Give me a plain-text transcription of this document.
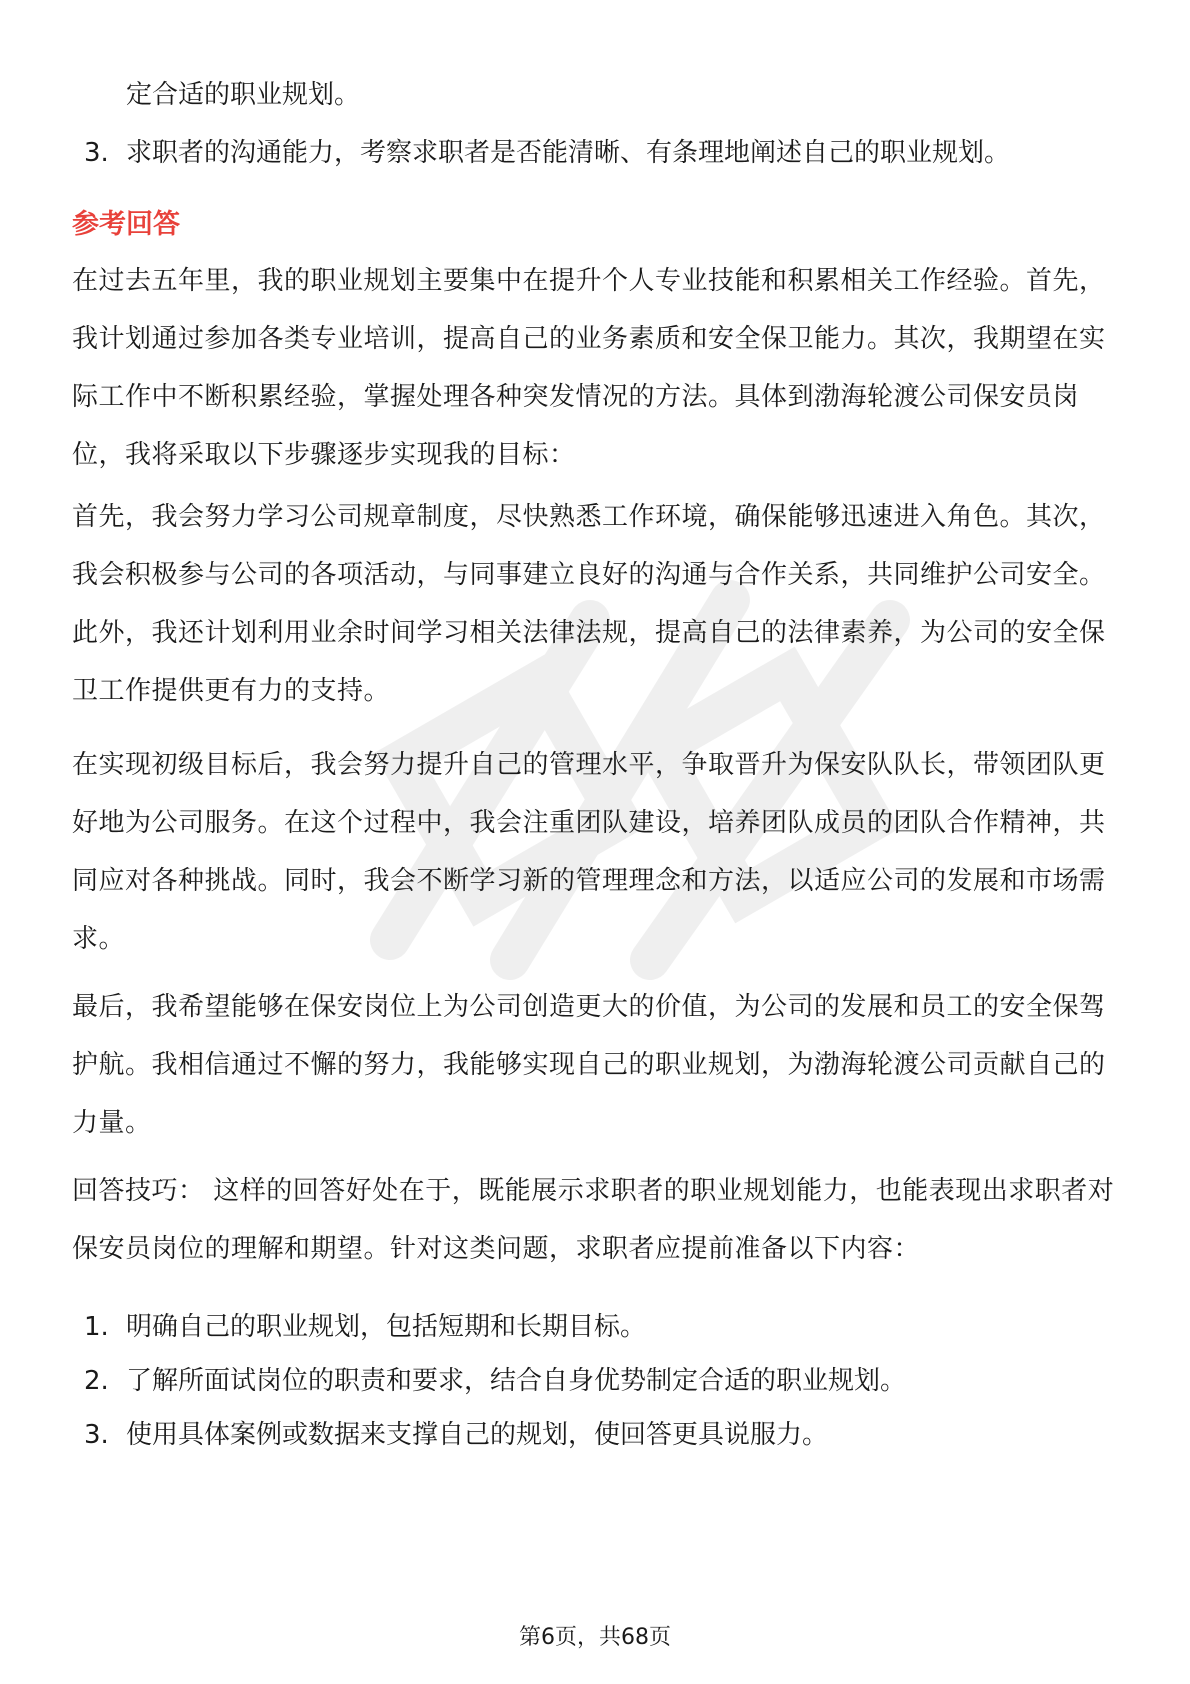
定合适的职业规划。
3. 求职者的沟通能力，考察求职者是否能清晰、有条理地阐述自己的职业规划。
参考回答
在过去五年里，我的职业规划主要集中在提升个人专业技能和积累相关工作经验。首先，我计划通过参加各类专业培训，提高自己的业务素质和安全保卫能力。其次，我期望在实际工作中不断积累经验，掌握处理各种突发情况的方法。具体到渤海轮渡公司保安员岗位，我将采取以下步骤逐步实现我的目标：
首先，我会努力学习公司规章制度，尽快熟悉工作环境，确保能够迅速进入角色。其次，我会积极参与公司的各项活动，与同事建立良好的沟通与合作关系，共同维护公司安全。此外，我还计划利用业余时间学习相关法律法规，提高自己的法律素养，为公司的安全保卫工作提供更有力的支持。
在实现初级目标后，我会努力提升自己的管理水平，争取晋升为保安队队长，带领团队更好地为公司服务。在这个过程中，我会注重团队建设，培养团队成员的团队合作精神，共同应对各种挑战。同时，我会不断学习新的管理理念和方法，以适应公司的发展和市场需求。
最后，我希望能够在保安岗位上为公司创造更大的价值，为公司的发展和员工的安全保驾护航。我相信通过不懈的努力，我能够实现自己的职业规划，为渤海轮渡公司贡献自己的力量。
回答技巧： 这样的回答好处在于，既能展示求职者的职业规划能力，也能表现出求职者对保安员岗位的理解和期望。针对这类问题，求职者应提前准备以下内容：
1. 明确自己的职业规划，包括短期和长期目标。
2. 了解所面试岗位的职责和要求，结合自身优势制定合适的职业规划。
3. 使用具体案例或数据来支撑自己的规划，使回答更具说服力。
第6页，共68页
